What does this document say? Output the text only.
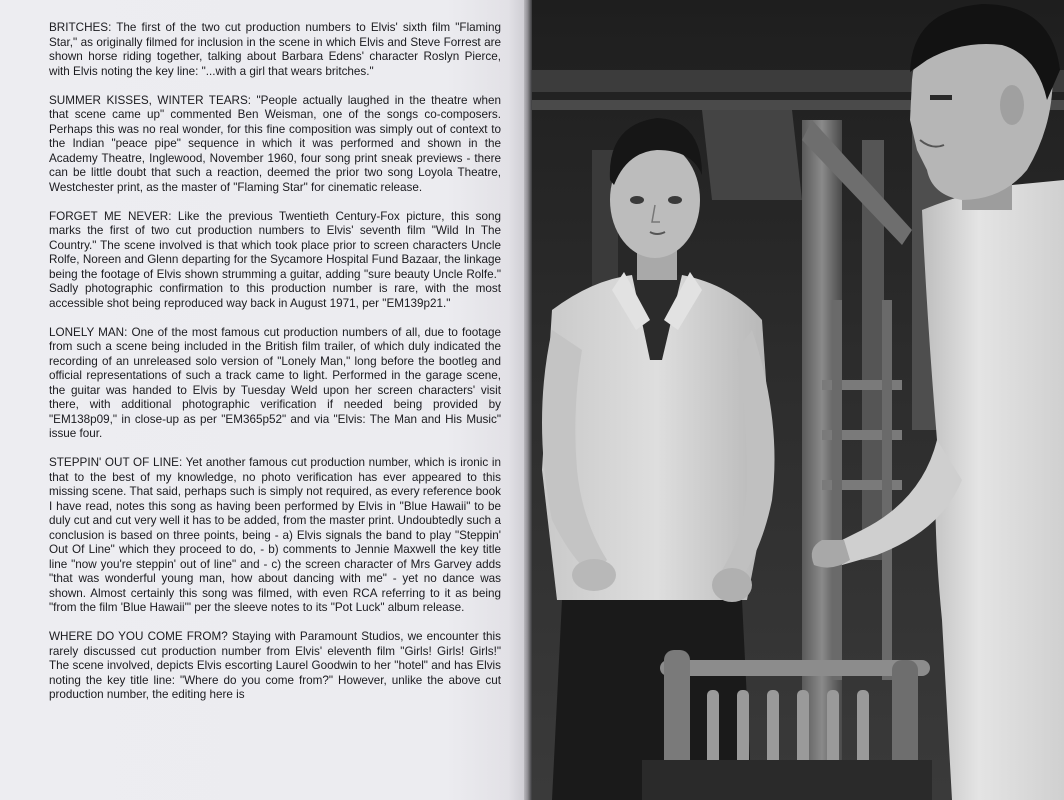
BRITCHES: The first of the two cut production numbers to Elvis' sixth film "Flaming Star," as originally filmed for inclusion in the scene in which Elvis and Steve Forrest are shown horse riding together, talking about Barbara Edens' character Roslyn Pierce, with Elvis noting the key line: "...with a girl that wears britches."

SUMMER KISSES, WINTER TEARS: "People actually laughed in the theatre when that scene came up" commented Ben Weisman, one of the songs co-composers. Perhaps this was no real wonder, for this fine composition was simply out of context to the Indian "peace pipe" sequence in which it was performed and shown in the Academy Theatre, Inglewood, November 1960, four song print sneak previews - there can be little doubt that such a reaction, deemed the prior two song Loyola Theatre, Westchester print, as the master of "Flaming Star" for cinematic release.

FORGET ME NEVER: Like the previous Twentieth Century-Fox picture, this song marks the first of two cut production numbers to Elvis' seventh film "Wild In The Country." The scene involved is that which took place prior to screen characters Uncle Rolfe, Noreen and Glenn departing for the Sycamore Hospital Fund Bazaar, the linkage being the footage of Elvis shown strumming a guitar, adding "sure beauty Uncle Rolfe." Sadly photographic confirmation to this production number is rare, with the most accessible shot being reproduced way back in August 1971, per "EM139p21."

LONELY MAN: One of the most famous cut production numbers of all, due to footage from such a scene being included in the British film trailer, of which duly indicated the recording of an unreleased solo version of "Lonely Man," long before the bootleg and official representations of such a track came to light. Performed in the garage scene, the guitar was handed to Elvis by Tuesday Weld upon her screen characters' visit there, with additional photographic verification if needed being provided by "EM138p09," in close-up as per "EM365p52" and via "Elvis: The Man and His Music" issue four.

STEPPIN' OUT OF LINE: Yet another famous cut production number, which is ironic in that to the best of my knowledge, no photo verification has ever appeared to this missing scene. That said, perhaps such is simply not required, as every reference book I have read, notes this song as having been performed by Elvis in "Blue Hawaii" to be duly cut and cut very well it has to be added, from the master print. Undoubtedly such a conclusion is based on three points, being - a) Elvis signals the band to play "Steppin' Out Of Line" which they proceed to do, - b) comments to Jennie Maxwell the key title line "now you're steppin' out of line" and - c) the screen character of Mrs Garvey adds "that was wonderful young man, how about dancing with me" - yet no dance was shown. Almost certainly this song was filmed, with even RCA referring to it as being "from the film 'Blue Hawaii'" per the sleeve notes to its "Pot Luck" album release.

WHERE DO YOU COME FROM? Staying with Paramount Studios, we encounter this rarely discussed cut production number from Elvis' eleventh film "Girls! Girls! Girls!" The scene involved, depicts Elvis escorting Laurel Goodwin to her "hotel" and has Elvis noting the key title line: "Where do you come from?" However, unlike the above cut production number, the editing here is
